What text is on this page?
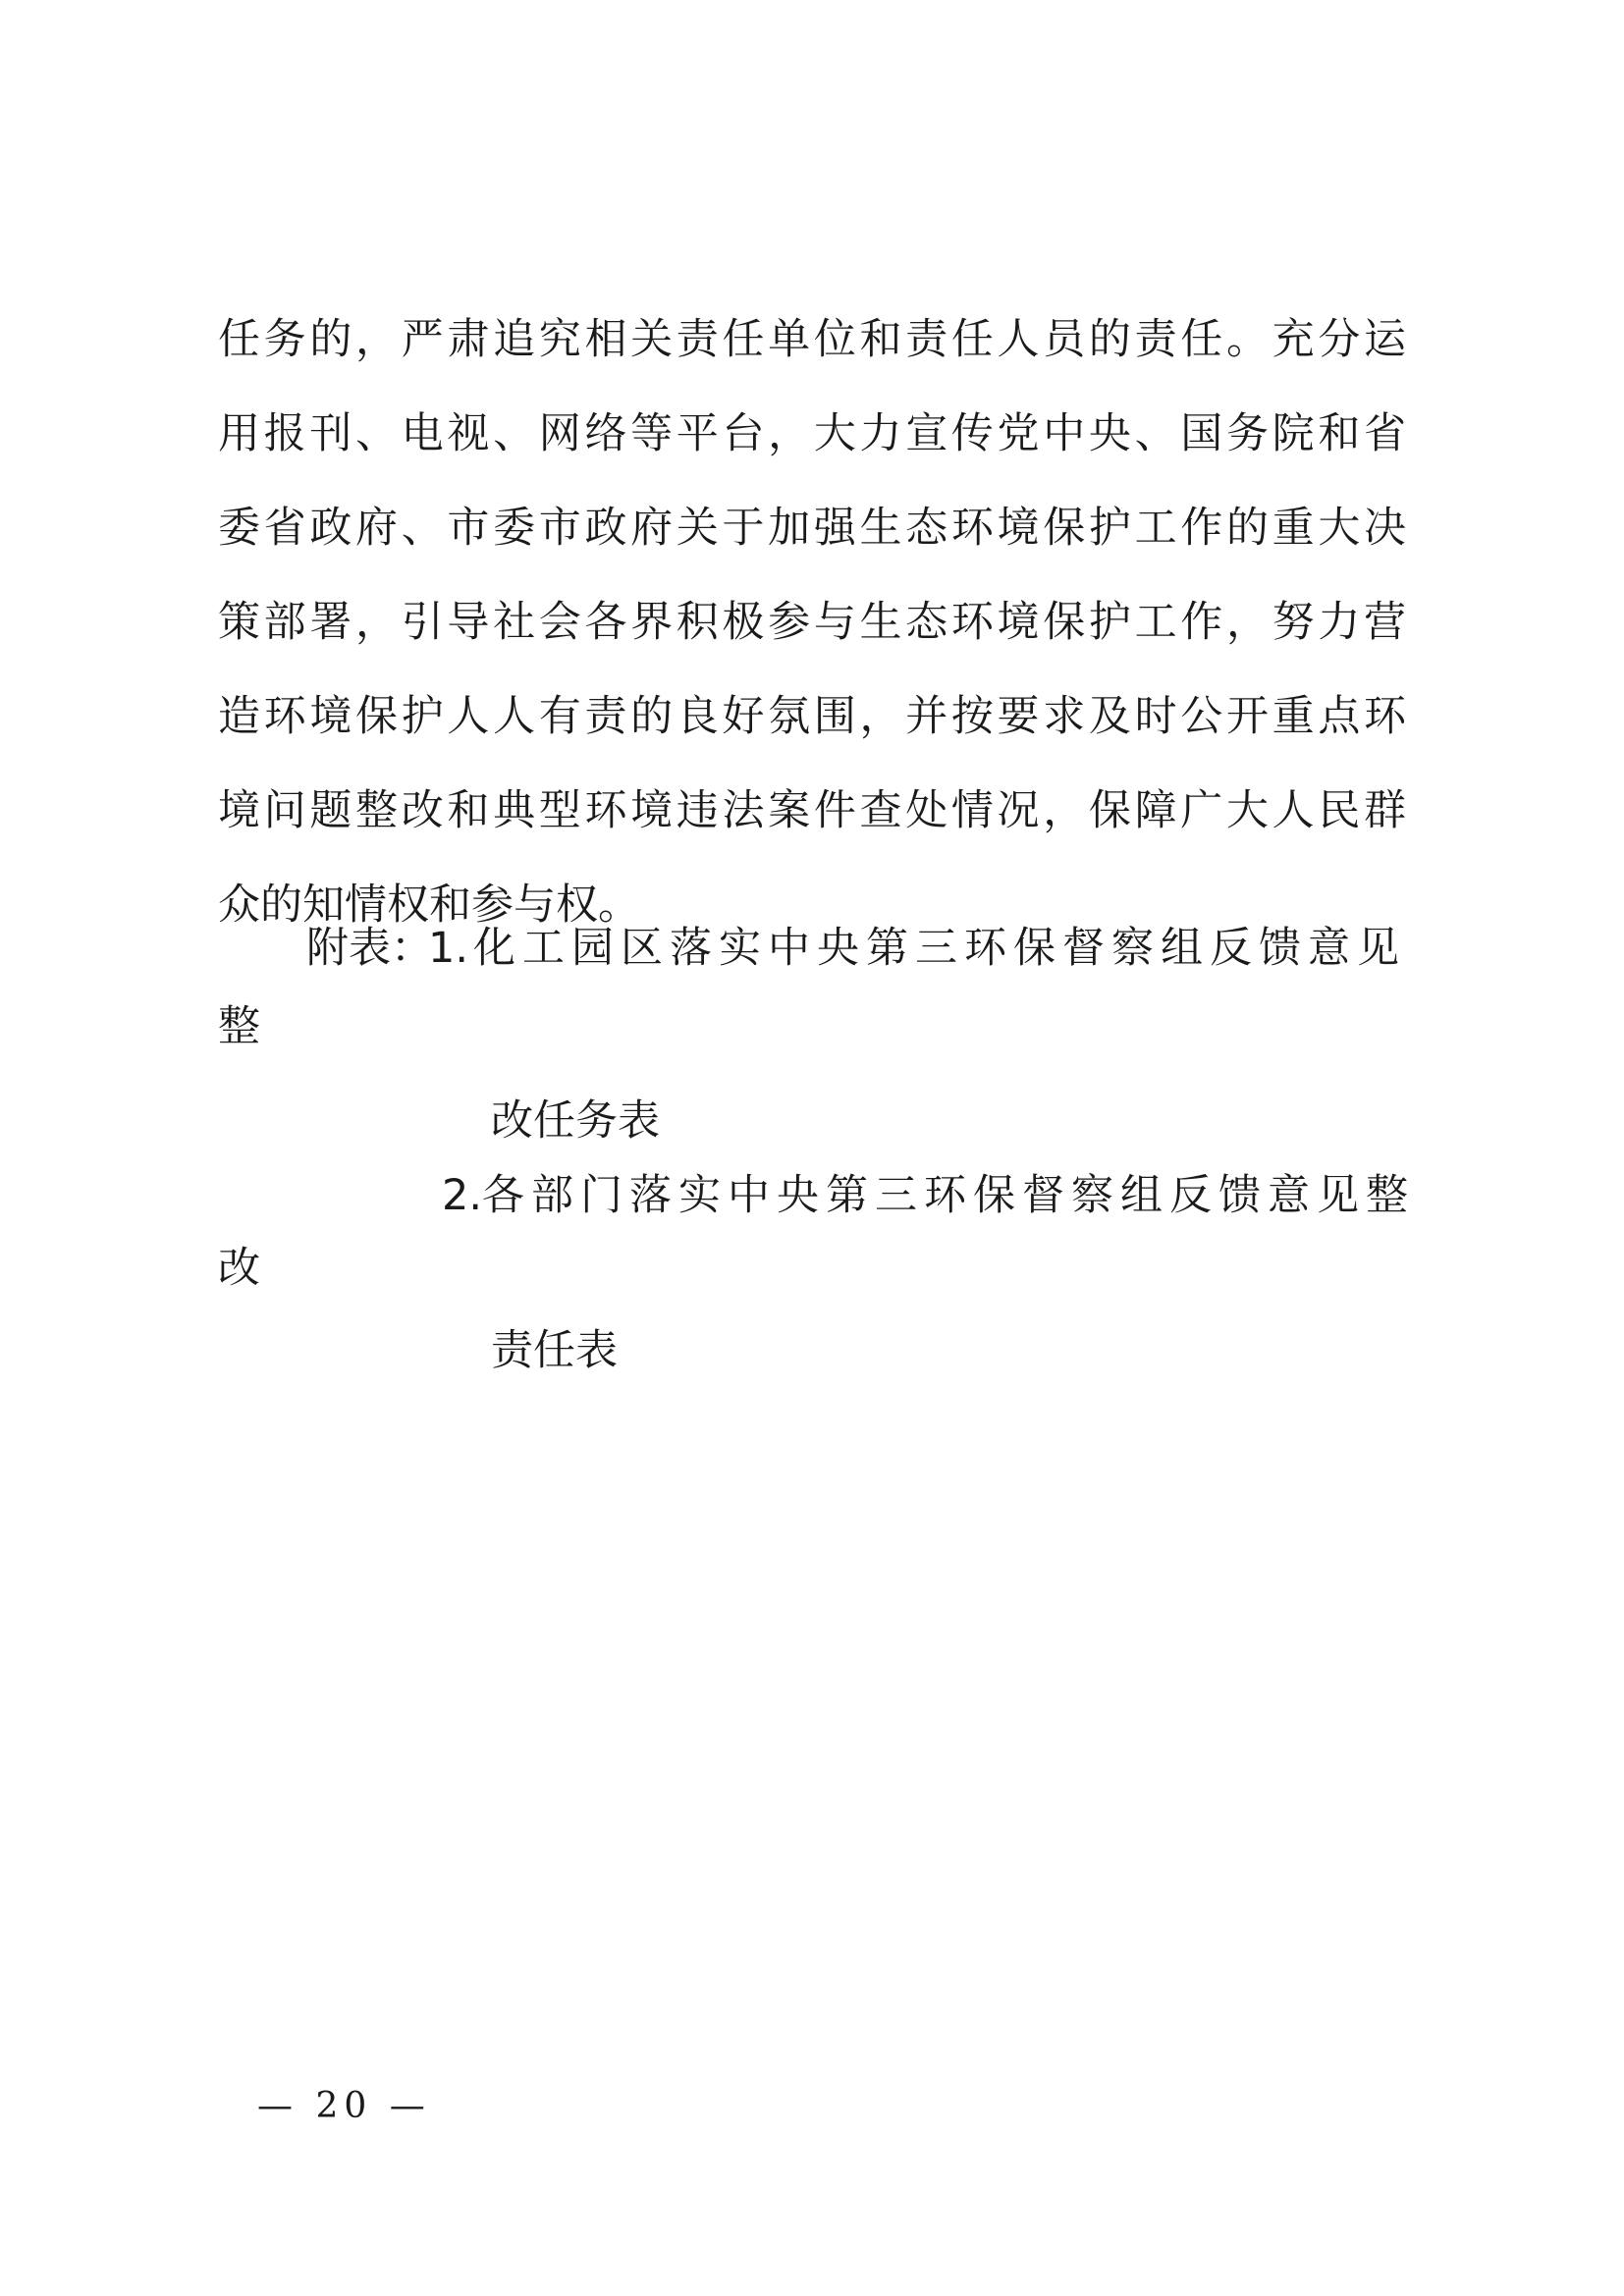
任务的，严肃追究相关责任单位和责任人员的责任。充分运
用报刊、电视、网络等平台，大力宣传党中央、国务院和省
委省政府、市委市政府关于加强生态环境保护工作的重大决
策部署，引导社会各界积极参与生态环境保护工作，努力营
造环境保护人人有责的良好氛围，并按要求及时公开重点环
境问题整改和典型环境违法案件查处情况，保障广大人民群
众的知情权和参与权。
附表：
1. 化工园区落实中央第三环保督察组反馈意见
整
改任务表
2. 各部门落实中央第三环保督察组反馈意见整
改
责任表
— 20 —
